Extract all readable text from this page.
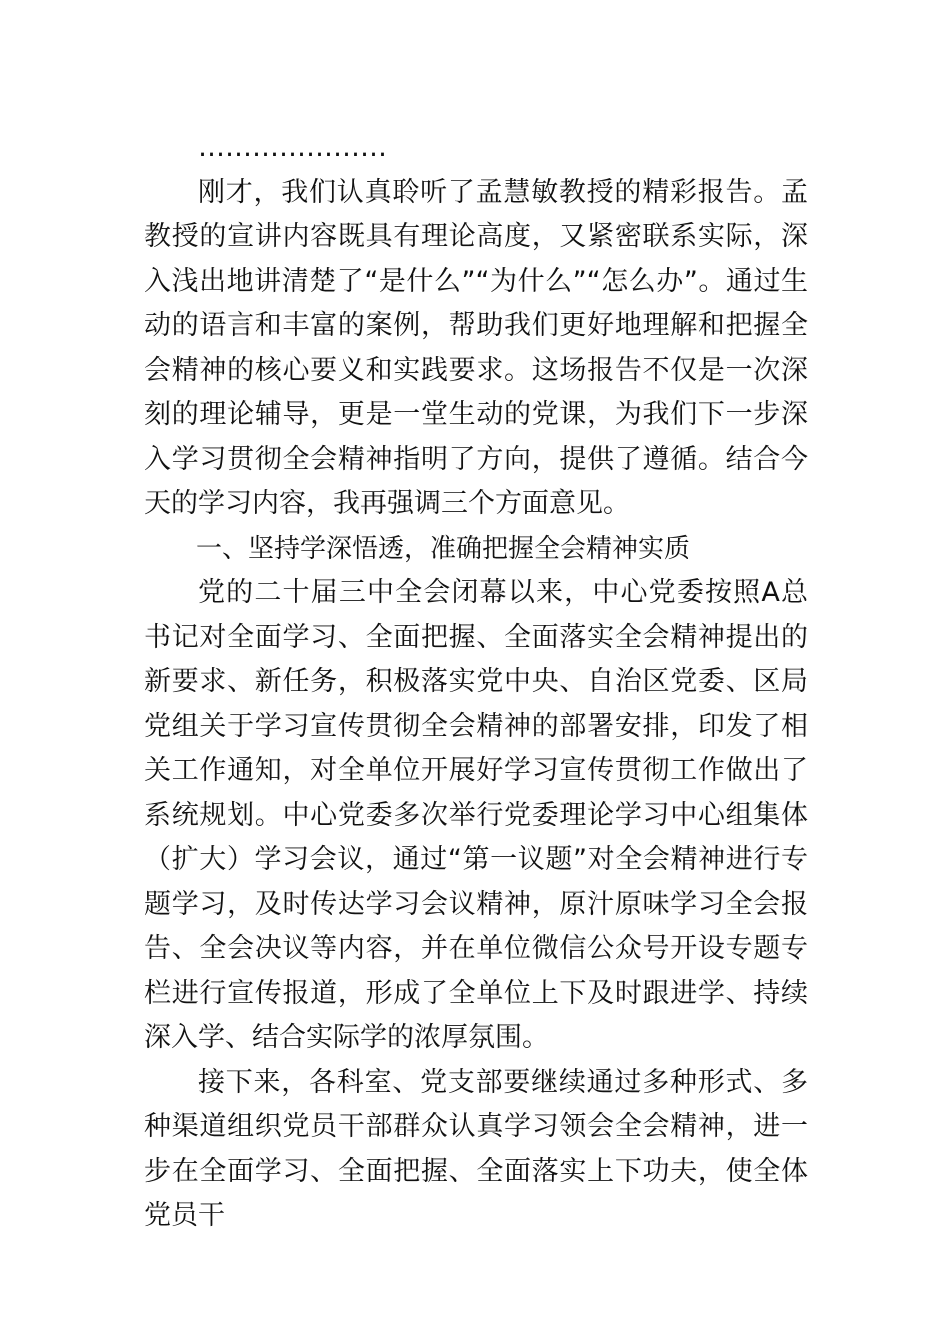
…………………

刚才，我们认真聆听了孟慧敏教授的精彩报告。孟教授的宣讲内容既具有理论高度，又紧密联系实际，深入浅出地讲清楚了“是什么”“为什么”“怎么办”。通过生动的语言和丰富的案例，帮助我们更好地理解和把握全会精神的核心要义和实践要求。这场报告不仅是一次深刻的理论辅导，更是一堂生动的党课，为我们下一步深入学习贯彻全会精神指明了方向，提供了遵循。结合今天的学习内容，我再强调三个方面意见。

一、坚持学深悟透，准确把握全会精神实质

党的二十届三中全会闭幕以来，中心党委按照A总书记对全面学习、全面把握、全面落实全会精神提出的新要求、新任务，积极落实党中央、自治区党委、区局党组关于学习宣传贯彻全会精神的部署安排，印发了相关工作通知，对全单位开展好学习宣传贯彻工作做出了系统规划。中心党委多次举行党委理论学习中心组集体（扩大）学习会议，通过“第一议题”对全会精神进行专题学习，及时传达学习会议精神，原汁原味学习全会报告、全会决议等内容，并在单位微信公众号开设专题专栏进行宣传报道，形成了全单位上下及时跟进学、持续深入学、结合实际学的浓厚氛围。

接下来，各科室、党支部要继续通过多种形式、多种渠道组织党员干部群众认真学习领会全会精神，进一步在全面学习、全面把握、全面落实上下功夫，使全体党员干
